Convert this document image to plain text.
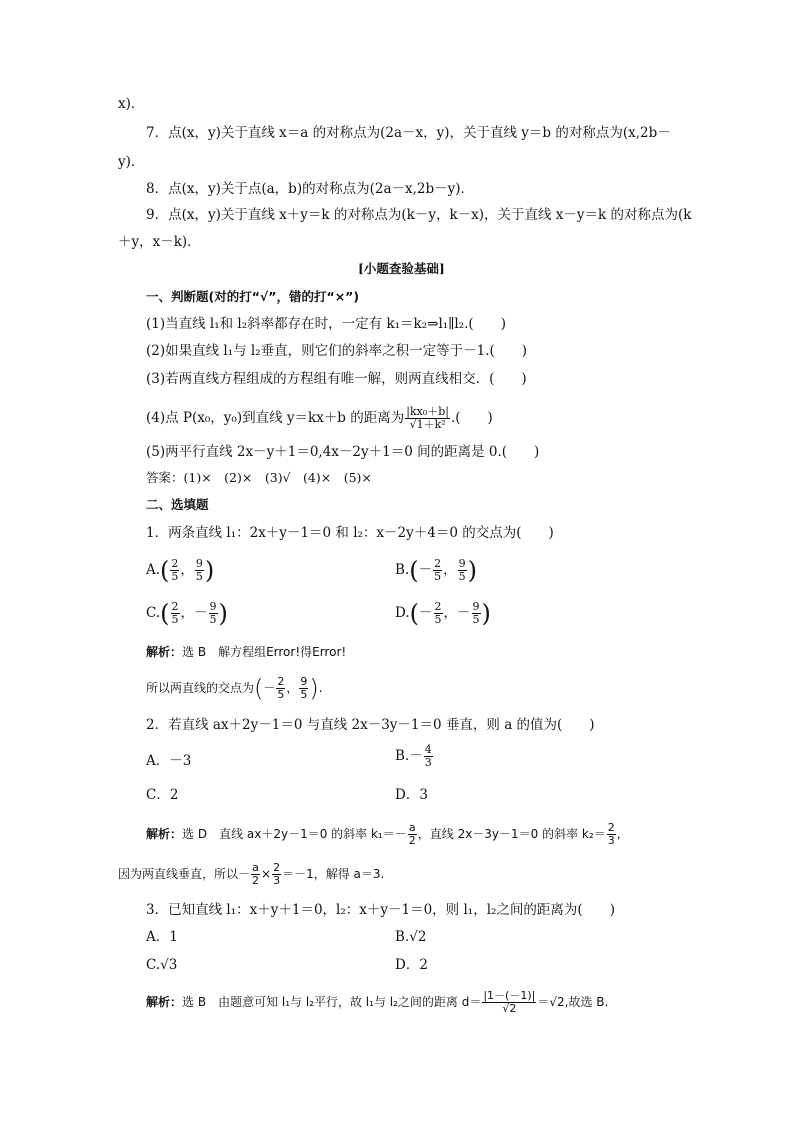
x)．
7．点(x，y)关于直线 x＝a 的对称点为(2a－x，y)，关于直线 y＝b 的对称点为(x,2b－
y)．
8．点(x，y)关于点(a，b)的对称点为(2a－x,2b－y)．
9．点(x，y)关于直线 x＋y＝k 的对称点为(k－y，k－x)，关于直线 x－y＝k 的对称点为(k
＋y，x－k)．
[小题查验基础]
一、判断题(对的打“√”，错的打“×”)
(1)当直线 l₁和 l₂斜率都存在时，一定有 k₁＝k₂⇒l₁∥l₂.(　　)
(2)如果直线 l₁与 l₂垂直，则它们的斜率之积一定等于－1.(　　)
(3)若两直线方程组成的方程组有唯一解，则两直线相交．(　　)
(4)点 P(x₀，y₀)到直线 y＝kx＋b 的距离为 $\frac{\text{|kx₀＋b|}}{\text{√1＋k²}}$ .(　　)
(5)两平行直线 2x－y＋1＝0,4x－2y＋1＝0 间的距离是 0.(　　)
答案：(1)×　(2)×　(3)√　(4)×　(5)×
二、选填题
1．两条直线 l₁：2x＋y－1＝0 和 l₂：x－2y＋4＝0 的交点为(　　)
$A.( \frac{2}{5}$ ， $\frac{9}{5}$ )	$B.(- \frac{2}{5}$ ， $\frac{9}{5}$ )
$C.( \frac{2}{5}$ ，－ $\frac{9}{5}$ )	$D.(- \frac{2}{5}$ ，－ $\frac{9}{5}$ )
解析：选 B　解方程组Error!得Error!
所以两直线的交点为(－ $\frac{2}{5}$ ， $\frac{9}{5}$ ).
2．若直线 ax＋2y－1＝0 与直线 2x－3y－1＝0 垂直，则 a 的值为(　　)
A．－3	$B.- \frac{4}{3}$
C．2	D．3
解析：选 D　直线 ax＋2y－1＝0 的斜率 $k_1=- \frac{a}{2}$ ，直线 2x－3y－1＝0 的斜率 $k_2= \frac{2}{3}$ ,
因为两直线垂直，所以－ $\frac{a}{2} \times \frac{2}{3} =-1$，解得 a＝3.
3．已知直线 l₁：x＋y＋1＝0，l₂：x＋y－1＝0，则 l₁，l₂之间的距离为(　　)
A．1	B.√2
C.√3	D．2
解析：选 B　由题意可知 l₁与 l₂平行，故 l₁与 l₂之间的距离 $d= \frac{|1-(-1)|}{√2} =√2$,故选 B.
